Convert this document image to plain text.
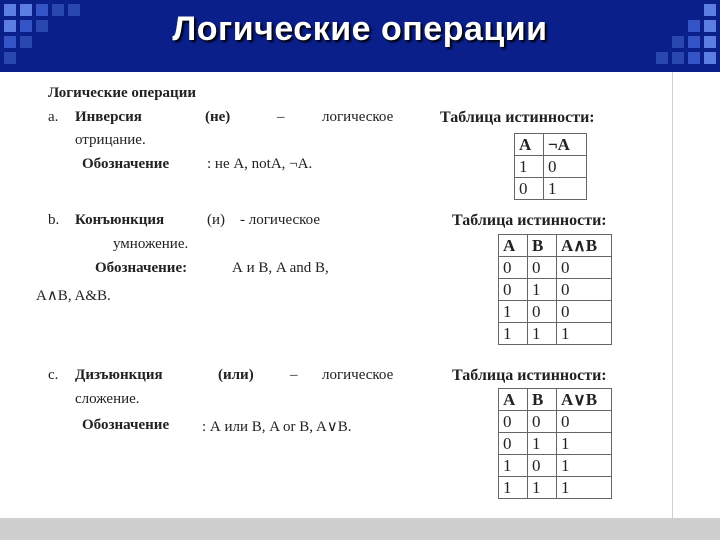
Логические операции
Логические операции
a. Инверсия	(не)	–	логическое
отрицание.
Обозначение	: не А, notA, ¬A.
Таблица истинности:
A	¬A
1	0
0	1
b. Конъюнкция	(и) - логическое
умножение.
Обозначение:	А и В, A and B,
A∧B, A&B.
Таблица истинности:
A	B	A∧B
0	0	0
0	1	0
1	0	0
1	1	1
c. Дизъюнкция	(или) – логическое
сложение.
Обозначение : А или В, A or B, A∨B.
Таблица истинности:
A	B	A∨B
0	0	0
0	1	1
1	0	1
1	1	1
